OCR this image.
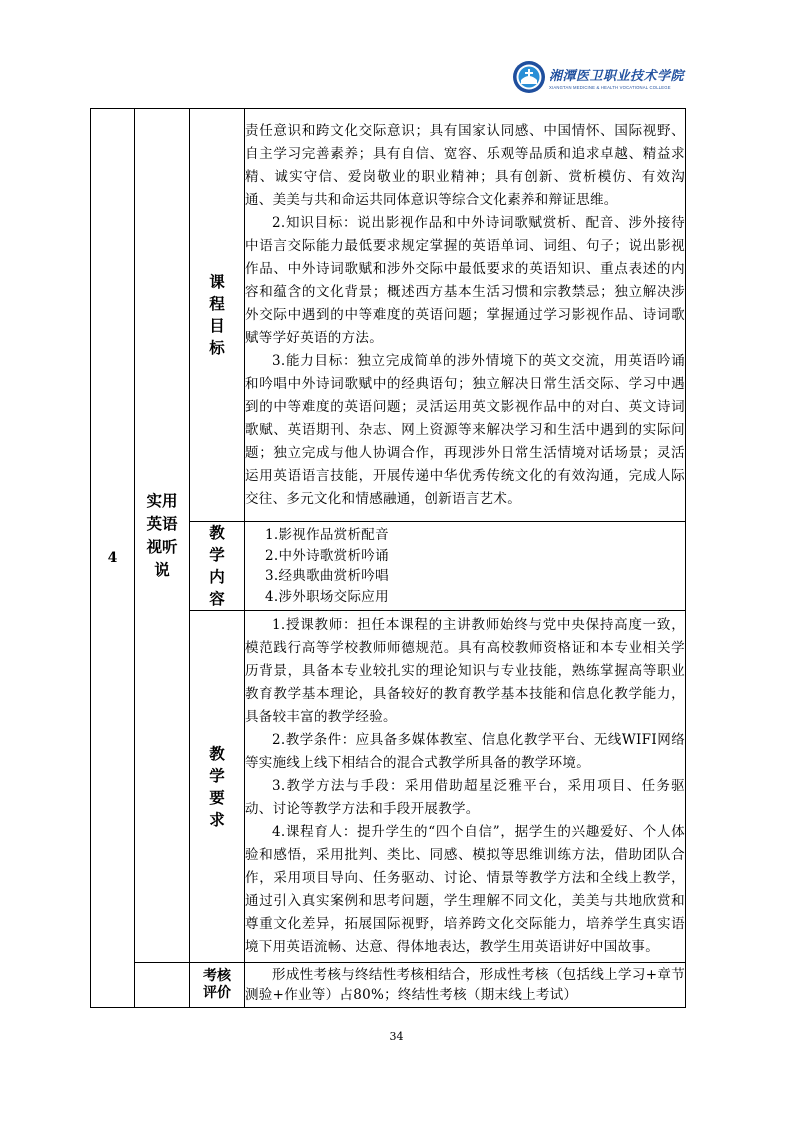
湘潭医卫职业技术学院
XIANGTAN MEDICINE & HEALTH VOCATIONAL COLLEGE
4	实用英语视听说	课程目标	责任意识和跨文化交际意识；具有国家认同感、中国情怀、国际视野、自主学习完善素养；具有自信、宽容、乐观等品质和追求卓越、精益求精、诚实守信、爱岗敬业的职业精神；具有创新、赏析模仿、有效沟通、美美与共和命运共同体意识等综合文化素养和辩证思维。

2.知识目标：说出影视作品和中外诗词歌赋赏析、配音、涉外接待中语言交际能力最低要求规定掌握的英语单词、词组、句子；说出影视作品、中外诗词歌赋和涉外交际中最低要求的英语知识、重点表述的内容和蕴含的文化背景；概述西方基本生活习惯和宗教禁忌；独立解决涉外交际中遇到的中等难度的英语问题；掌握通过学习影视作品、诗词歌赋等学好英语的方法。

3.能力目标：独立完成简单的涉外情境下的英文交流，用英语吟诵和吟唱中外诗词歌赋中的经典语句；独立解决日常生活交际、学习中遇到的中等难度的英语问题；灵活运用英文影视作品中的对白、英文诗词歌赋、英语期刊、杂志、网上资源等来解决学习和生活中遇到的实际问题；独立完成与他人协调合作，再现涉外日常生活情境对话场景；灵活运用英语语言技能，开展传递中华优秀传统文化的有效沟通，完成人际交往、多元文化和情感融通，创新语言艺术。

		教学内容	1.影视作品赏析配音
2.中外诗歌赏析吟诵
3.经典歌曲赏析吟唱
4.涉外职场交际应用

		教学要求	1.授课教师：担任本课程的主讲教师始终与党中央保持高度一致，模范践行高等学校教师师德规范。具有高校教师资格证和本专业相关学历背景，具备本专业较扎实的理论知识与专业技能，熟练掌握高等职业教育教学基本理论，具备较好的教育教学基本技能和信息化教学能力，具备较丰富的教学经验。

2.教学条件：应具备多媒体教室、信息化教学平台、无线WIFI网络等实施线上线下相结合的混合式教学所具备的教学环境。

3.教学方法与手段：采用借助超星泛雅平台，采用项目、任务驱动、讨论等教学方法和手段开展教学。

4.课程育人：提升学生的“四个自信”，据学生的兴趣爱好、个人体验和感悟，采用批判、类比、同感、模拟等思维训练方法，借助团队合作，采用项目导向、任务驱动、讨论、情景等教学方法和全线上教学，通过引入真实案例和思考问题，学生理解不同文化，美美与共地欣赏和尊重文化差异，拓展国际视野，培养跨文化交际能力，培养学生真实语境下用英语流畅、达意、得体地表达，教学生用英语讲好中国故事。

		考核评价	形成性考核与终结性考核相结合，形成性考核（包括线上学习+章节测验+作业等）占80%；终结性考核（期末线上考试）

34
